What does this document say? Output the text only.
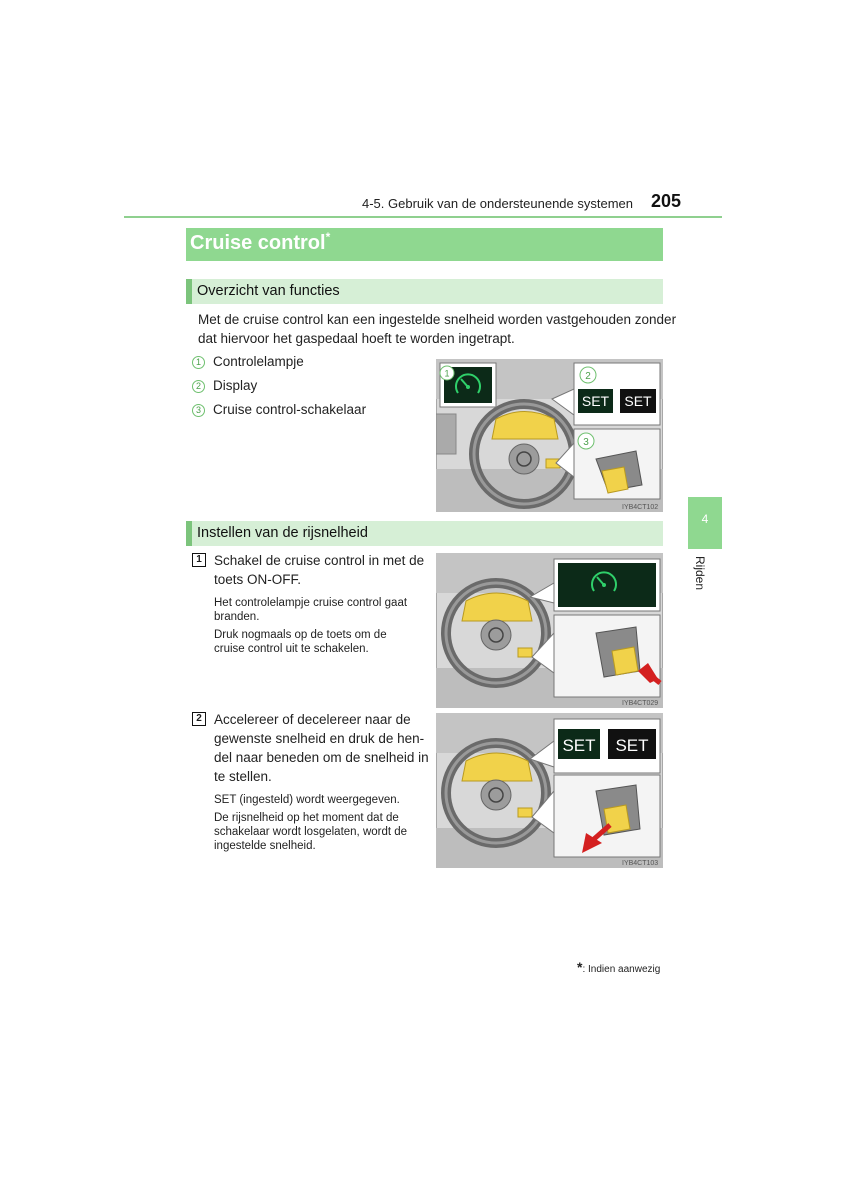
4-5. Gebruik van de ondersteunende systemen 205
Cruise control*
Overzicht van functies
Met de cruise control kan een ingestelde snelheid worden vastgehouden zonder
dat hiervoor het gaspedaal hoeft te worden ingetrapt.
1 Controlelampje
2 Display
3 Cruise control-schakelaar
1	2
SET SET
3
IYB4CT102
Instellen van de rijsnelheid
1 Schakel de cruise control in met de
toets ON-OFF.
Het controlelampje cruise control gaat
branden.
Druk nogmaals op de toets om de
cruise control uit te schakelen.
IYB4CT029
2 Accelereer of decelereer naar de
gewenste snelheid en druk de hen-
del naar beneden om de snelheid in
te stellen.
SET (ingesteld) wordt weergegeven.
De rijsnelheid op het moment dat de
schakelaar wordt losgelaten, wordt de
ingestelde snelheid.
SET SET
IYB4CT103
4
Rijden
*: Indien aanwezig
